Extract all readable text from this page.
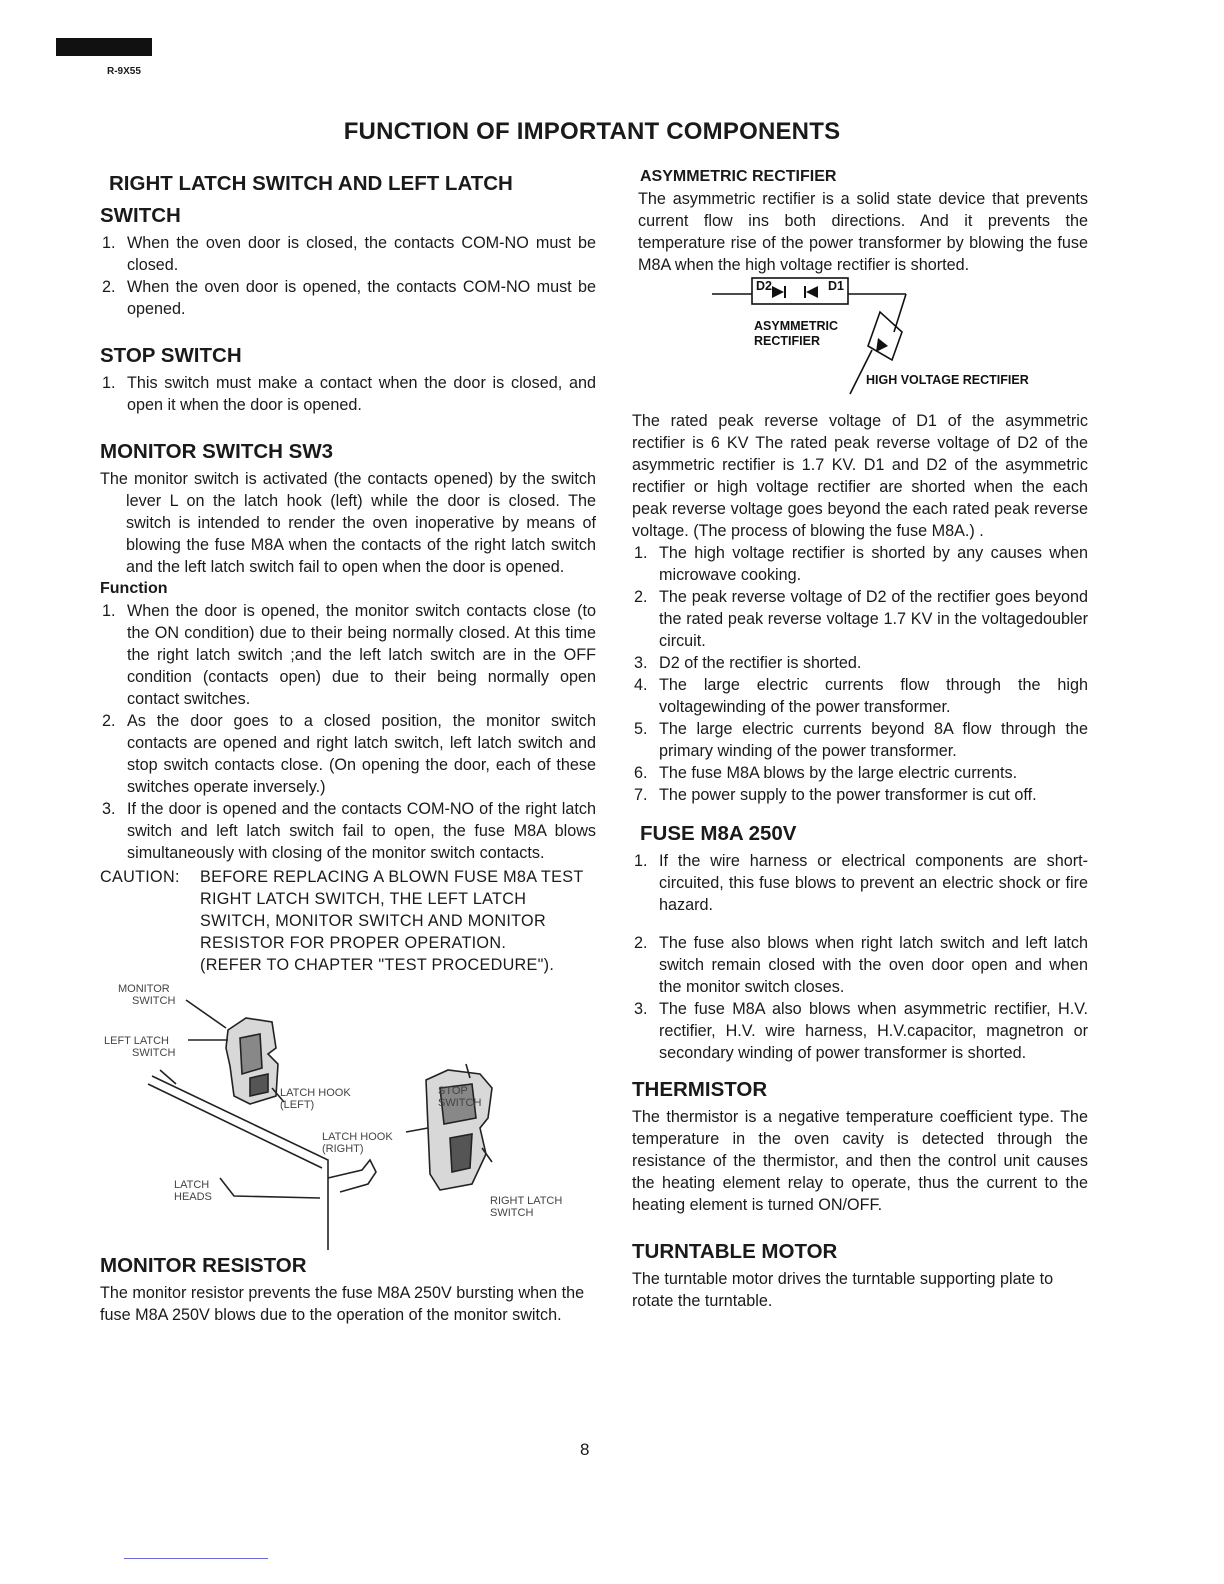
R-9X55
FUNCTION OF IMPORTANT COMPONENTS
RIGHT LATCH SWITCH AND LEFT LATCH
SWITCH
1. When the oven door is closed, the contacts COM-NO must be closed.
2. When the oven door is opened, the contacts COM-NO must be opened.
STOP SWITCH
1. This switch must make a contact when the door is closed, and open it when the door is opened.
MONITOR SWITCH SW3

The monitor switch is activated (the contacts opened) by the switch lever L on the latch hook (left) while the door is closed. The switch is intended to render the oven inoperative by means of blowing the fuse M8A when the contacts of the right latch switch and the left latch switch fail to open when the door is opened.

Function
1. When the door is opened, the monitor switch contacts close (to the ON condition) due to their being normally closed. At this time the right latch switch ;and the left latch switch are in the OFF condition (contacts open) due to their being normally open contact switches.
2. As the door goes to a closed position, the monitor switch contacts are opened and right latch switch, left latch switch and stop switch contacts close. (On opening the door, each of these switches operate inversely.)
3. If the door is opened and the contacts COM-NO of the right latch switch and left latch switch fail to open, the fuse M8A blows simultaneously with closing of the monitor switch contacts.
CAUTION: BEFORE REPLACING A BLOWN FUSE M8A TEST RIGHT LATCH SWITCH, THE LEFT LATCH SWITCH, MONITOR SWITCH AND MONITOR RESISTOR FOR PROPER OPERATION.
(REFER TO CHAPTER "TEST PROCEDURE").
MONITOR
SWITCH
LEFT LATCH
SWITCH
LATCH HOOK
(LEFT)
STOP
SWITCH
LATCH HOOK
(RIGHT)
LATCH
HEADS	RIGHT LATCH
SWITCH
MONITOR RESISTOR

The monitor resistor prevents the fuse M8A 250V bursting when the fuse M8A 250V blows due to the operation of the monitor switch.

ASYMMETRIC RECTIFIER

The asymmetric rectifier is a solid state device that prevents current flow ins both directions. And it prevents the temperature rise of the power transformer by blowing the fuse M8A when the high voltage rectifier is shorted.

D2	D1
ASYMMETRIC
RECTIFIER
HIGH VOLTAGE RECTIFIER

The rated peak reverse voltage of D1 of the asymmetric rectifier is 6 KV The rated peak reverse voltage of D2 of the asymmetric rectifier is 1.7 KV. D1 and D2 of the asymmetric rectifier or high voltage rectifier are shorted when the each peak reverse voltage goes beyond the each rated peak reverse voltage. (The process of blowing the fuse M8A.) .

1. The high voltage rectifier is shorted by any causes when microwave cooking.
2. The peak reverse voltage of D2 of the rectifier goes beyond the rated peak reverse voltage 1.7 KV in the voltagedoubler circuit.
3. D2 of the rectifier is shorted.
4. The large electric currents flow through the high voltagewinding of the power transformer.
5. The large electric currents beyond 8A flow through the primary winding of the power transformer.
6. The fuse M8A blows by the large electric currents.
7. The power supply to the power transformer is cut off.
FUSE M8A 250V
1. If the wire harness or electrical components are short-circuited, this fuse blows to prevent an electric shock or fire hazard.
2. The fuse also blows when right latch switch and left latch switch remain closed with the oven door open and when the monitor switch closes.
3. The fuse M8A also blows when asymmetric rectifier, H.V. rectifier, H.V. wire harness, H.V.capacitor, magnetron or secondary winding of power transformer is shorted.
THERMISTOR

The thermistor is a negative temperature coefficient type. The temperature in the oven cavity is detected through the resistance of the thermistor, and then the control unit causes the heating element relay to operate, thus the current to the heating element is turned ON/OFF.

TURNTABLE MOTOR

The turntable motor drives the turntable supporting plate to rotate the turntable.

8
